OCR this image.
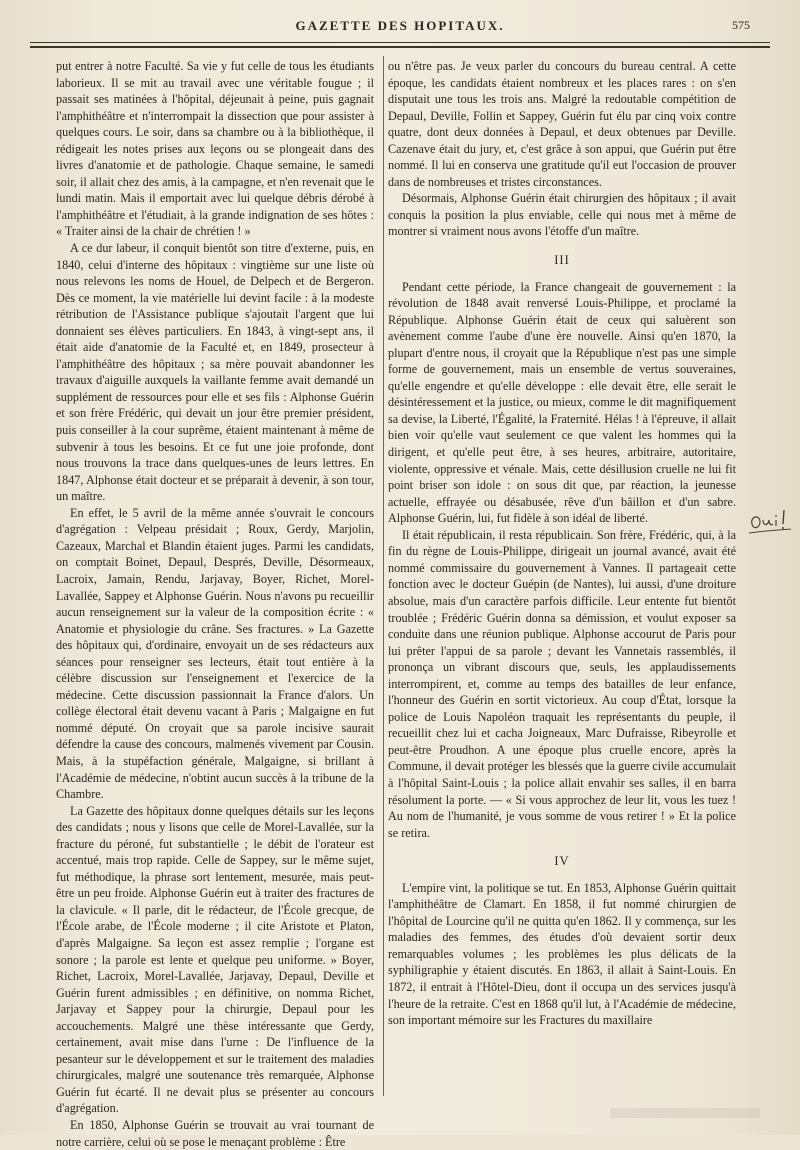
GAZETTE DES HOPITAUX.	575

put entrer à notre Faculté. Sa vie y fut celle de tous les étudiants laborieux. Il se mit au travail avec une véritable fougue ; il passait ses matinées à l'hôpital, déjeunait à peine, puis gagnait l'amphithéâtre et n'interrompait la dissection que pour assister à quelques cours. Le soir, dans sa chambre ou à la bibliothèque, il rédigeait les notes prises aux leçons ou se plongeait dans des livres d'anatomie et de pathologie. Chaque semaine, le samedi soir, il allait chez des amis, à la campagne, et n'en revenait que le lundi matin. Mais il emportait avec lui quelque débris dérobé à l'amphithéâtre et l'étudiait, à la grande indignation de ses hôtes : « Traiter ainsi de la chair de chrétien ! »

A ce dur labeur, il conquit bientôt son titre d'externe, puis, en 1840, celui d'interne des hôpitaux : vingtième sur une liste où nous relevons les noms de Houel, de Delpech et de Bergeron. Dès ce moment, la vie matérielle lui devint facile : à la modeste rétribution de l'Assistance publique s'ajoutait l'argent que lui donnaient ses élèves particuliers. En 1843, à vingt-sept ans, il était aide d'anatomie de la Faculté et, en 1849, prosecteur à l'amphithéâtre des hôpitaux ; sa mère pouvait abandonner les travaux d'aiguille auxquels la vaillante femme avait demandé un supplément de ressources pour elle et ses fils : Alphonse Guérin et son frère Frédéric, qui devait un jour être premier président, puis conseiller à la cour suprême, étaient maintenant à même de subvenir à tous les besoins. Et ce fut une joie profonde, dont nous trouvons la trace dans quelques-unes de leurs lettres. En 1847, Alphonse était docteur et se préparait à devenir, à son tour, un maître.

En effet, le 5 avril de la même année s'ouvrait le concours d'agrégation : Velpeau présidait ; Roux, Gerdy, Marjolin, Cazeaux, Marchal et Blandin étaient juges. Parmi les candidats, on comptait Boinet, Depaul, Després, Deville, Désormeaux, Lacroix, Jamain, Rendu, Jarjavay, Boyer, Richet, Morel-Lavallée, Sappey et Alphonse Guérin. Nous n'avons pu recueillir aucun renseignement sur la valeur de la composition écrite : « Anatomie et physiologie du crâne. Ses fractures. » La Gazette des hôpitaux qui, d'ordinaire, envoyait un de ses rédacteurs aux séances pour renseigner ses lecteurs, était tout entière à la célèbre discussion sur l'enseignement et l'exercice de la médecine. Cette discussion passionnait la France d'alors. Un collège électoral était devenu vacant à Paris ; Malgaigne en fut nommé député. On croyait que sa parole incisive saurait défendre la cause des concours, malmenés vivement par Cousin. Mais, à la stupéfaction générale, Malgaigne, si brillant à l'Académie de médecine, n'obtint aucun succès à la tribune de la Chambre.

La Gazette des hôpitaux donne quelques détails sur les leçons des candidats ; nous y lisons que celle de Morel-Lavallée, sur la fracture du péroné, fut substantielle ; le débit de l'orateur est accentué, mais trop rapide. Celle de Sappey, sur le même sujet, fut méthodique, la phrase sort lentement, mesurée, mais peut-être un peu froide. Alphonse Guérin eut à traiter des fractures de la clavicule. « Il parle, dit le rédacteur, de l'École grecque, de l'École arabe, de l'École moderne ; il cite Aristote et Platon, d'après Malgaigne. Sa leçon est assez remplie ; l'organe est sonore ; la parole est lente et quelque peu uniforme. » Boyer, Richet, Lacroix, Morel-Lavallée, Jarjavay, Depaul, Deville et Guérin furent admissibles ; en définitive, on nomma Richet, Jarjavay et Sappey pour la chirurgie, Depaul pour les accouchements. Malgré une thèse intéressante que Gerdy, certainement, avait mise dans l'urne : De l'influence de la pesanteur sur le développement et sur le traitement des maladies chirurgicales, malgré une soutenance très remarquée, Alphonse Guérin fut écarté. Il ne devait plus se présenter au concours d'agrégation.

En 1850, Alphonse Guérin se trouvait au vrai tournant de notre carrière, celui où se pose le menaçant problème : Être

ou n'être pas. Je veux parler du concours du bureau central. A cette époque, les candidats étaient nombreux et les places rares : on s'en disputait une tous les trois ans. Malgré la redoutable compétition de Depaul, Deville, Follin et Sappey, Guérin fut élu par cinq voix contre quatre, dont deux données à Depaul, et deux obtenues par Deville. Cazenave était du jury, et, c'est grâce à son appui, que Guérin put être nommé. Il lui en conserva une gratitude qu'il eut l'occasion de prouver dans de nombreuses et tristes circonstances.

Désormais, Alphonse Guérin était chirurgien des hôpitaux ; il avait conquis la position la plus enviable, celle qui nous met à même de montrer si vraiment nous avons l'étoffe d'un maître.

III

Pendant cette période, la France changeait de gouvernement : la révolution de 1848 avait renversé Louis-Philippe, et proclamé la République. Alphonse Guérin était de ceux qui saluèrent son avènement comme l'aube d'une ère nouvelle. Ainsi qu'en 1870, la plupart d'entre nous, il croyait que la République n'est pas une simple forme de gouvernement, mais un ensemble de vertus souveraines, qu'elle engendre et qu'elle développe : elle devait être, elle serait le désintéressement et la justice, ou mieux, comme le dit magnifiquement sa devise, la Liberté, l'Égalité, la Fraternité. Hélas ! à l'épreuve, il allait bien voir qu'elle vaut seulement ce que valent les hommes qui la dirigent, et qu'elle peut être, à ses heures, arbitraire, autoritaire, violente, oppressive et vénale. Mais, cette désillusion cruelle ne lui fit point briser son idole : on sous dit que, par réaction, la jeunesse actuelle, effrayée ou désabusée, rêve d'un bâillon et d'un sabre. Alphonse Guérin, lui, fut fidèle à son idéal de liberté.

Il était républicain, il resta républicain. Son frère, Frédéric, qui, à la fin du règne de Louis-Philippe, dirigeait un journal avancé, avait été nommé commissaire du gouvernement à Vannes. Il partageait cette fonction avec le docteur Guépin (de Nantes), lui aussi, d'une droiture absolue, mais d'un caractère parfois difficile. Leur entente fut bientôt troublée ; Frédéric Guérin donna sa démission, et voulut exposer sa conduite dans une réunion publique. Alphonse accourut de Paris pour lui prêter l'appui de sa parole ; devant les Vannetais rassemblés, il prononça un vibrant discours que, seuls, les applaudissements interrompirent, et, comme au temps des batailles de leur enfance, l'honneur des Guérin en sortit victorieux. Au coup d'État, lorsque la police de Louis Napoléon traquait les représentants du peuple, il recueillit chez lui et cacha Joigneaux, Marc Dufraisse, Ribeyrolle et peut-être Proudhon. A une époque plus cruelle encore, après la Commune, il devait protéger les blessés que la guerre civile accumulait à l'hôpital Saint-Louis ; la police allait envahir ses salles, il en barra résolument la porte. — « Si vous approchez de leur lit, vous les tuez ! Au nom de l'humanité, je vous somme de vous retirer ! » Et la police se retira.

IV

L'empire vint, la politique se tut. En 1853, Alphonse Guérin quittait l'amphithéâtre de Clamart. En 1858, il fut nommé chirurgien de l'hôpital de Lourcine qu'il ne quitta qu'en 1862. Il y commença, sur les maladies des femmes, des études d'où devaient sortir deux remarquables volumes ; les problèmes les plus délicats de la syphiligraphie y étaient discutés. En 1863, il allait à Saint-Louis. En 1872, il entrait à l'Hôtel-Dieu, dont il occupa un des services jusqu'à l'heure de la retraite. C'est en 1868 qu'il lut, à l'Académie de médecine, son important mémoire sur les Fractures du maxillaire
